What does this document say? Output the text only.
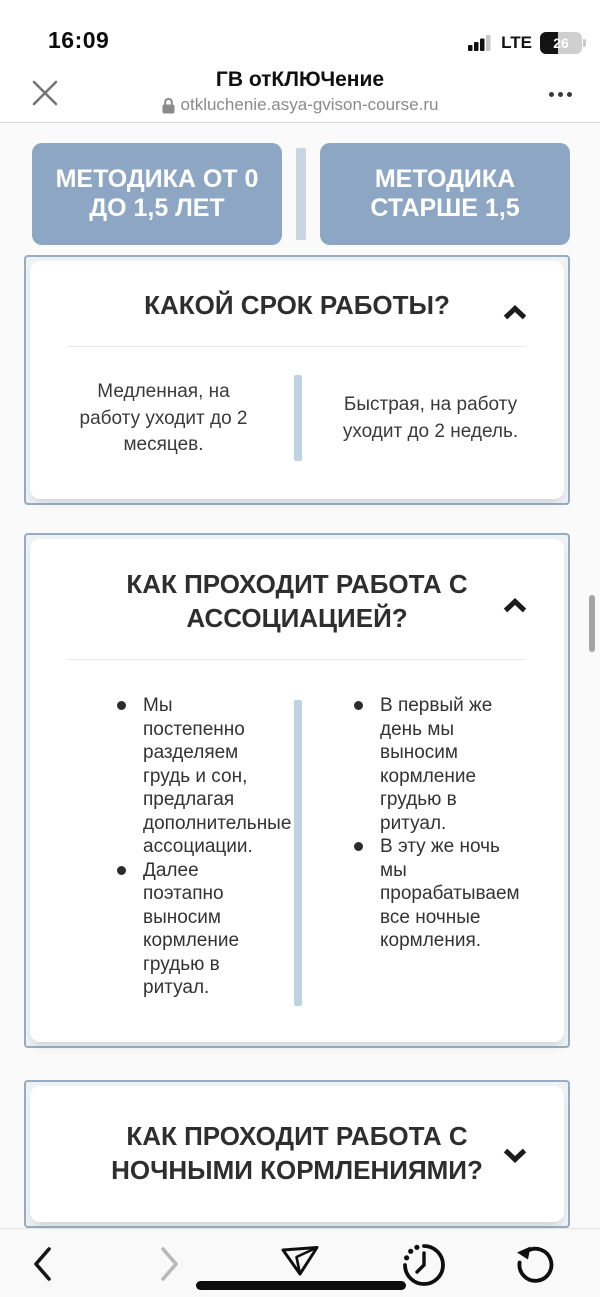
16:09	LTE	26
ГВ отКЛЮЧение
otkluchenie.asya-gvison-course.ru
МЕТОДИКА ОТ 0 ДО 1,5 ЛЕТ
МЕТОДИКА СТАРШЕ 1,5
КАКОЙ СРОК РАБОТЫ?
Медленная, на работу уходит до 2 месяцев.
Быстрая, на работу уходит до 2 недель.
КАК ПРОХОДИТ РАБОТА С АССОЦИАЦИЕЙ?
Мы постепенно разделяем грудь и сон, предлагая дополнительные ассоциации.
Далее поэтапно выносим кормление грудью в ритуал.
В первый же день мы выносим кормление грудью в ритуал.
В эту же ночь мы прорабатываем все ночные кормления.
КАК ПРОХОДИТ РАБОТА С НОЧНЫМИ КОРМЛЕНИЯМИ?
